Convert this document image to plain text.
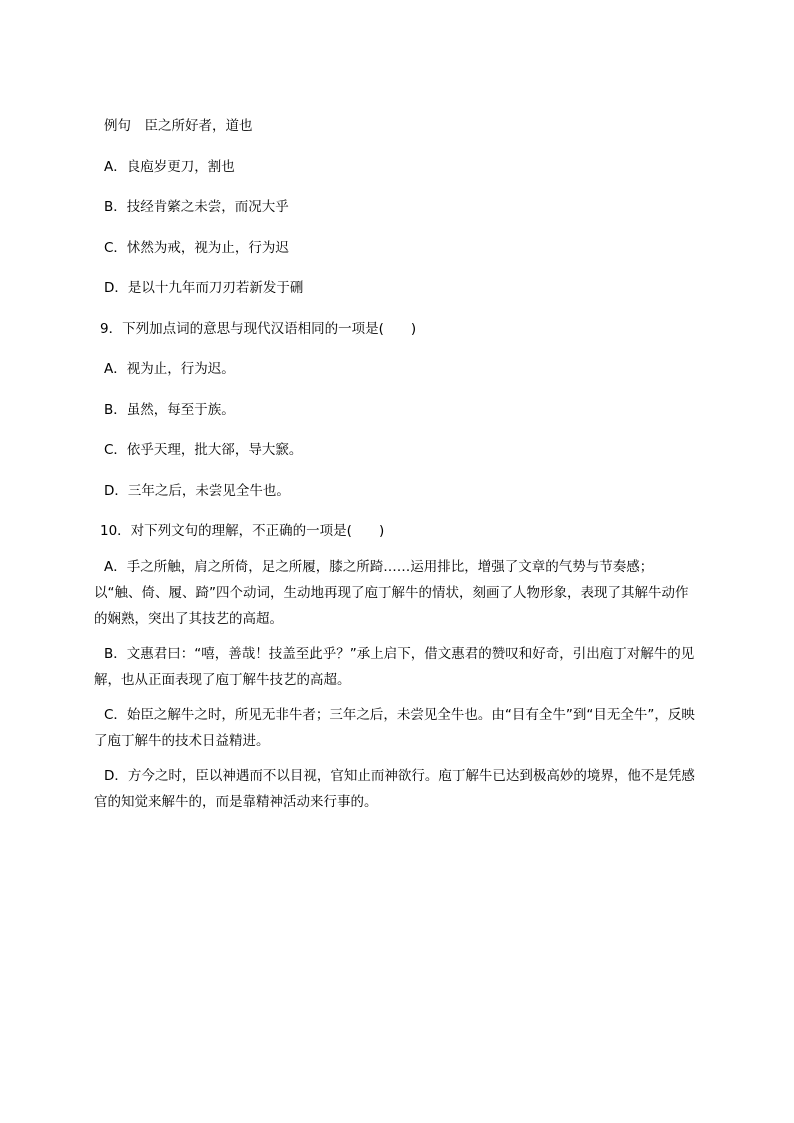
例句　臣之所好者，道也
A．良庖岁更刀，割也
B．技经肯綮之未尝，而况大乎
C．怵然为戒，视为止，行为迟
D．是以十九年而刀刃若新发于硎
9．下列加点词的意思与现代汉语相同的一项是(　　)
A．视为止，行为迟。
B．虽然，每至于族。
C．依乎天理，批大郤，导大窾。
D．三年之后，未尝见全牛也。
10．对下列文句的理解，不正确的一项是(　　)

A．手之所触，肩之所倚，足之所履，膝之所踦……运用排比，增强了文章的气势与节奏感；以“触、倚、履、踦”四个动词，生动地再现了庖丁解牛的情状，刻画了人物形象，表现了其解牛动作的娴熟，突出了其技艺的高超。

B．文惠君曰：“嘻，善哉！技盖至此乎？”承上启下，借文惠君的赞叹和好奇，引出庖丁对解牛的见解，也从正面表现了庖丁解牛技艺的高超。

C．始臣之解牛之时，所见无非牛者；三年之后，未尝见全牛也。由“目有全牛”到“目无全牛”，反映了庖丁解牛的技术日益精进。

D．方今之时，臣以神遇而不以目视，官知止而神欲行。庖丁解牛已达到极高妙的境界，他不是凭感官的知觉来解牛的，而是靠精神活动来行事的。
